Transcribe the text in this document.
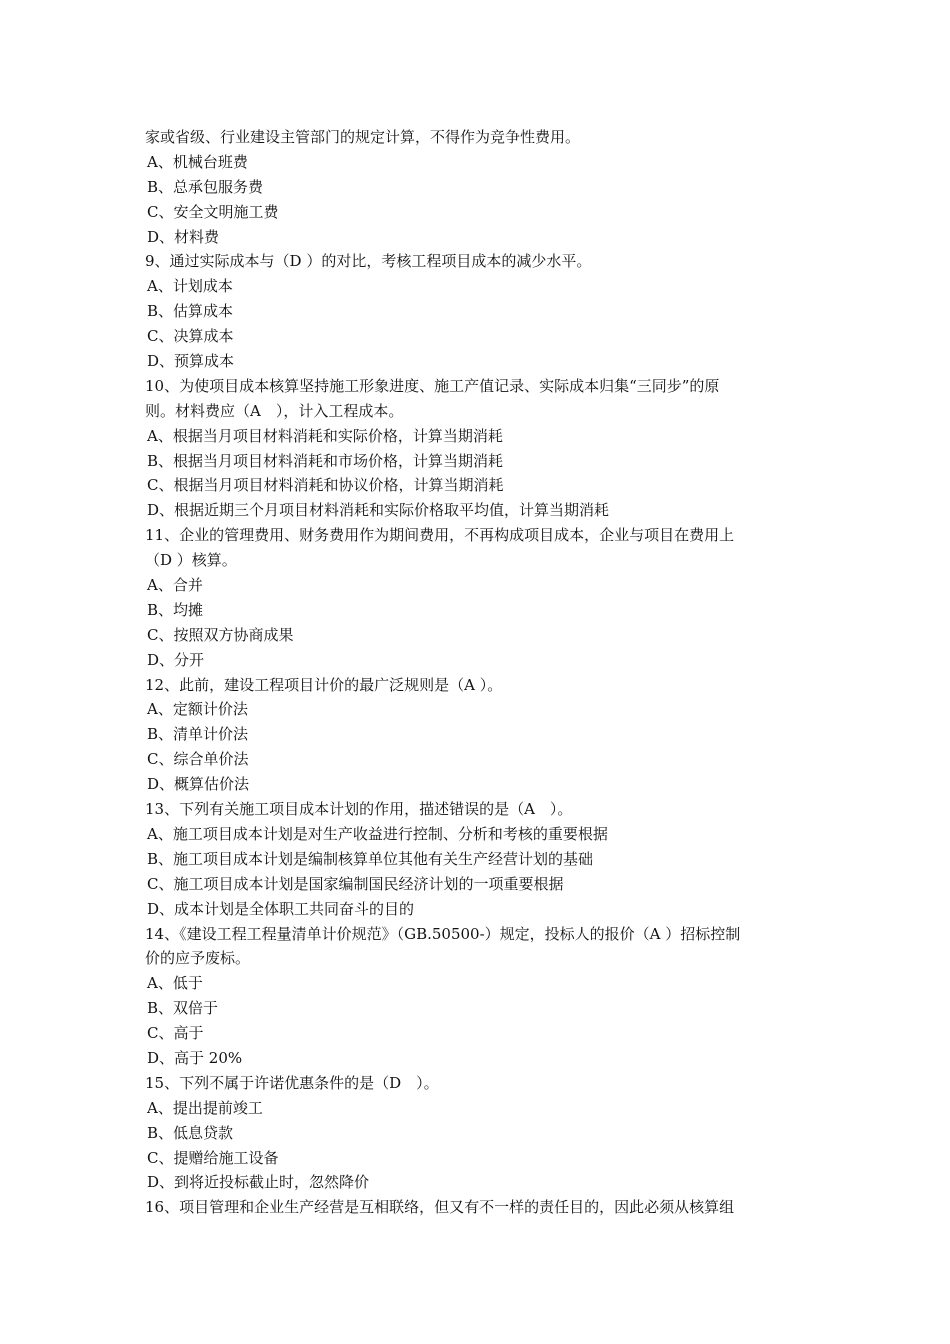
家或省级、行业建设主管部门的规定计算，不得作为竞争性费用。
A、机械台班费
B、总承包服务费
C、安全文明施工费
D、材料费
9、通过实际成本与（D ）的对比，考核工程项目成本的减少水平。
A、计划成本
B、估算成本
C、决算成本
D、预算成本
10、为使项目成本核算坚持施工形象进度、施工产值记录、实际成本归集“三同步”的原
则。材料费应（A　），计入工程成本。
A、根据当月项目材料消耗和实际价格，计算当期消耗
B、根据当月项目材料消耗和市场价格，计算当期消耗
C、根据当月项目材料消耗和协议价格，计算当期消耗
D、根据近期三个月项目材料消耗和实际价格取平均值，计算当期消耗
11、企业的管理费用、财务费用作为期间费用，不再构成项目成本，企业与项目在费用上
（D ）核算。
A、合并
B、均摊
C、按照双方协商成果
D、分开
12、此前，建设工程项目计价的最广泛规则是（A ）。
A、定额计价法
B、清单计价法
C、综合单价法
D、概算估价法
13、下列有关施工项目成本计划的作用，描述错误的是（A　）。
A、施工项目成本计划是对生产收益进行控制、分析和考核的重要根据
B、施工项目成本计划是编制核算单位其他有关生产经营计划的基础
C、施工项目成本计划是国家编制国民经济计划的一项重要根据
D、成本计划是全体职工共同奋斗的目的
14、《建设工程工程量清单计价规范》（GB.50500-）规定，投标人的报价（A ）招标控制
价的应予废标。
A、低于
B、双倍于
C、高于
D、高于 20%
15、下列不属于许诺优惠条件的是（D　）。
A、提出提前竣工
B、低息贷款
C、提赠给施工设备
D、到将近投标截止时，忽然降价
16、项目管理和企业生产经营是互相联络，但又有不一样的责任目的，因此必须从核算组
